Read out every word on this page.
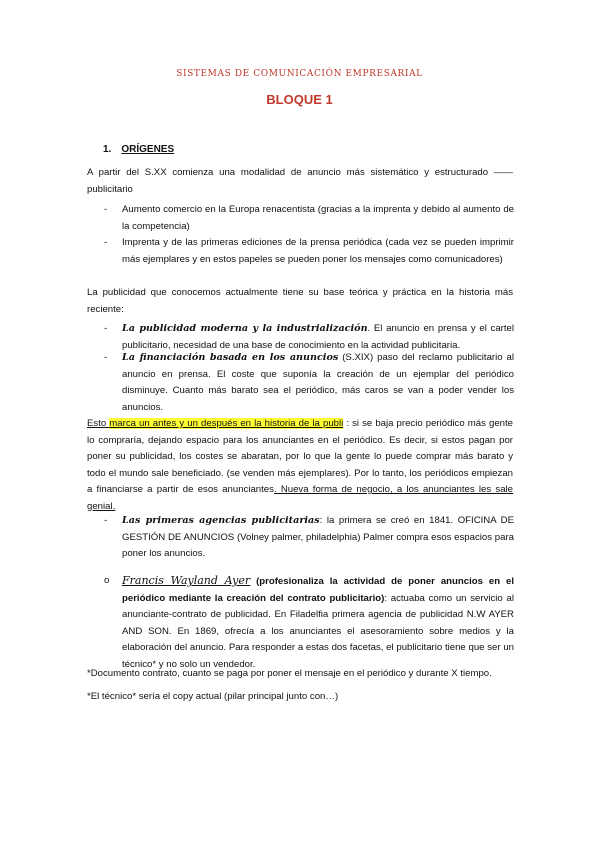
SISTEMAS DE COMUNICACIÓN EMPRESARIAL
BLOQUE 1
1. ORÍGENES
A partir del S.XX comienza una modalidad de anuncio más sistemático y estructurado —— publicitario
- Aumento comercio en la Europa renacentista (gracias a la imprenta y debido al aumento de la competencia)
- Imprenta y de las primeras ediciones de la prensa periódica (cada vez se pueden imprimir más ejemplares y en estos papeles se pueden poner los mensajes como comunicadores)
La publicidad que conocemos actualmente tiene su base teórica y práctica en la historia más reciente:
- La publicidad moderna y la industrialización. El anuncio en prensa y el cartel publicitario, necesidad de una base de conocimiento en la actividad publicitaria.
- La financiación basada en los anuncios (S.XIX) paso del reclamo publicitario al anuncio en prensa. El coste que suponía la creación de un ejemplar del periódico disminuye. Cuanto más barato sea el periódico, más caros se van a poder vender los anuncios.
Esto marca un antes y un después en la historia de la publi : si se baja precio periódico más gente lo compraría, dejando espacio para los anunciantes en el periódico. Es decir, si estos pagan por poner su publicidad, los costes se abaratan, por lo que la gente lo puede comprar más barato y todo el mundo sale beneficiado. (se venden más ejemplares). Por lo tanto, los periódicos empiezan a financiarse a partir de esos anunciantes. Nueva forma de negocio, a los anunciantes les sale genial.
- Las primeras agencias publicitarias: la primera se creó en 1841. OFICINA DE GESTIÓN DE ANUNCIOS (Volney palmer, philadelphia) Palmer compra esos espacios para poner los anuncios.
o Francis Wayland Ayer (profesionaliza la actividad de poner anuncios en el periódico mediante la creación del contrato publicitario): actuaba como un servicio al anunciante-contrato de publicidad. En Filadelfia primera agencia de publicidad N.W AYER AND SON. En 1869, ofrecía a los anunciantes el asesoramiento sobre medios y la elaboración del anuncio. Para responder a estas dos facetas, el publicitario tiene que ser un técnico* y no solo un vendedor.
*Documento contrato, cuanto se paga por poner el mensaje en el periódico y durante X tiempo.
*El técnico* sería el copy actual (pilar principal junto con…)
